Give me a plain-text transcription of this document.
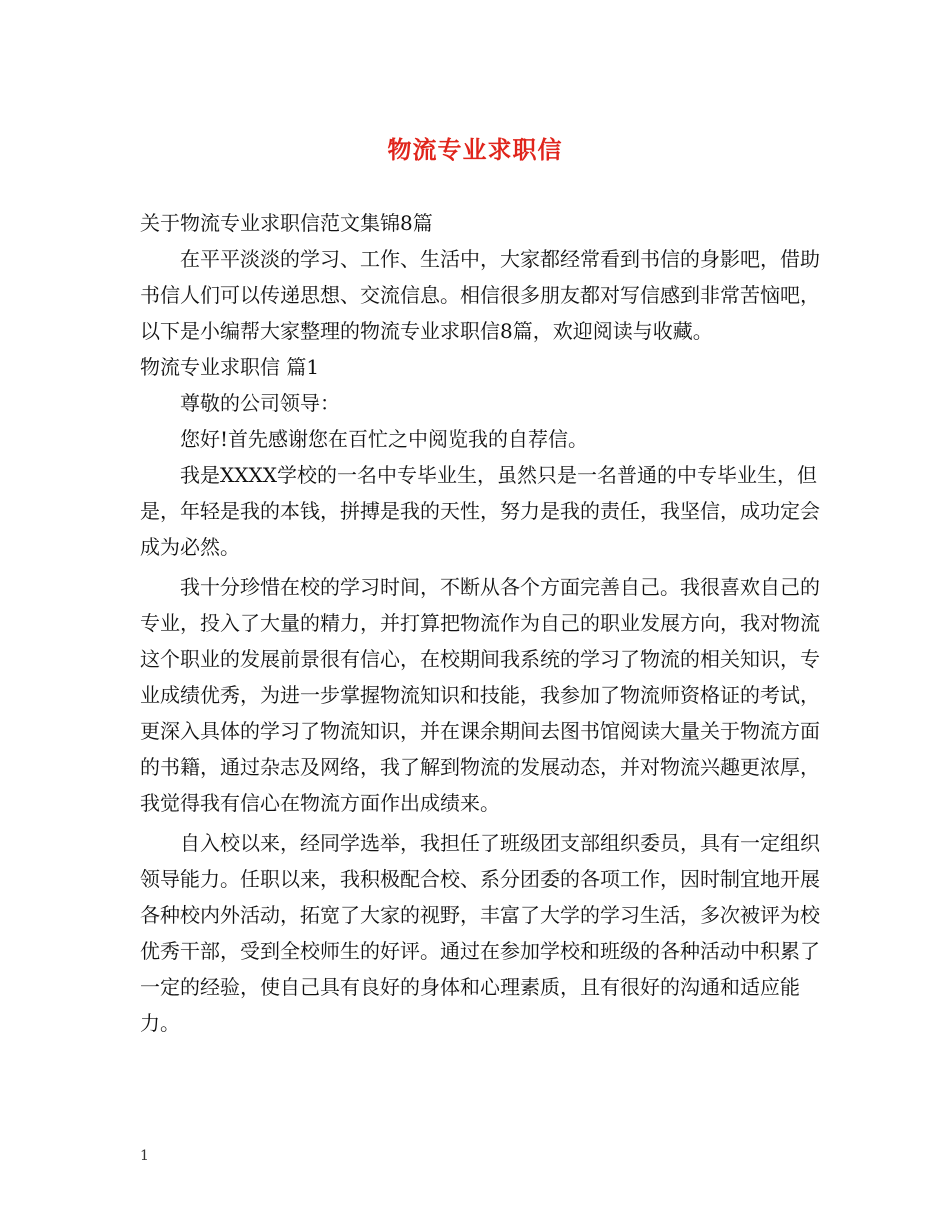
物流专业求职信

关于物流专业求职信范文集锦8篇

在平平淡淡的学习、工作、生活中，大家都经常看到书信的身影吧，借助书信人们可以传递思想、交流信息。相信很多朋友都对写信感到非常苦恼吧，以下是小编帮大家整理的物流专业求职信8篇，欢迎阅读与收藏。

物流专业求职信 篇1

尊敬的公司领导：

您好!首先感谢您在百忙之中阅览我的自荐信。

我是XXXX学校的一名中专毕业生，虽然只是一名普通的中专毕业生，但是，年轻是我的本钱，拼搏是我的天性，努力是我的责任，我坚信，成功定会成为必然。

我十分珍惜在校的学习时间，不断从各个方面完善自己。我很喜欢自己的专业，投入了大量的精力，并打算把物流作为自己的职业发展方向，我对物流这个职业的发展前景很有信心，在校期间我系统的学习了物流的相关知识，专业成绩优秀，为进一步掌握物流知识和技能，我参加了物流师资格证的考试，更深入具体的学习了物流知识，并在课余期间去图书馆阅读大量关于物流方面的书籍，通过杂志及网络，我了解到物流的发展动态，并对物流兴趣更浓厚，我觉得我有信心在物流方面作出成绩来。

自入校以来，经同学选举，我担任了班级团支部组织委员，具有一定组织领导能力。任职以来，我积极配合校、系分团委的各项工作，因时制宜地开展各种校内外活动，拓宽了大家的视野，丰富了大学的学习生活，多次被评为校优秀干部，受到全校师生的好评。通过在参加学校和班级的各种活动中积累了一定的经验，使自己具有良好的身体和心理素质，且有很好的沟通和适应能力。

1
